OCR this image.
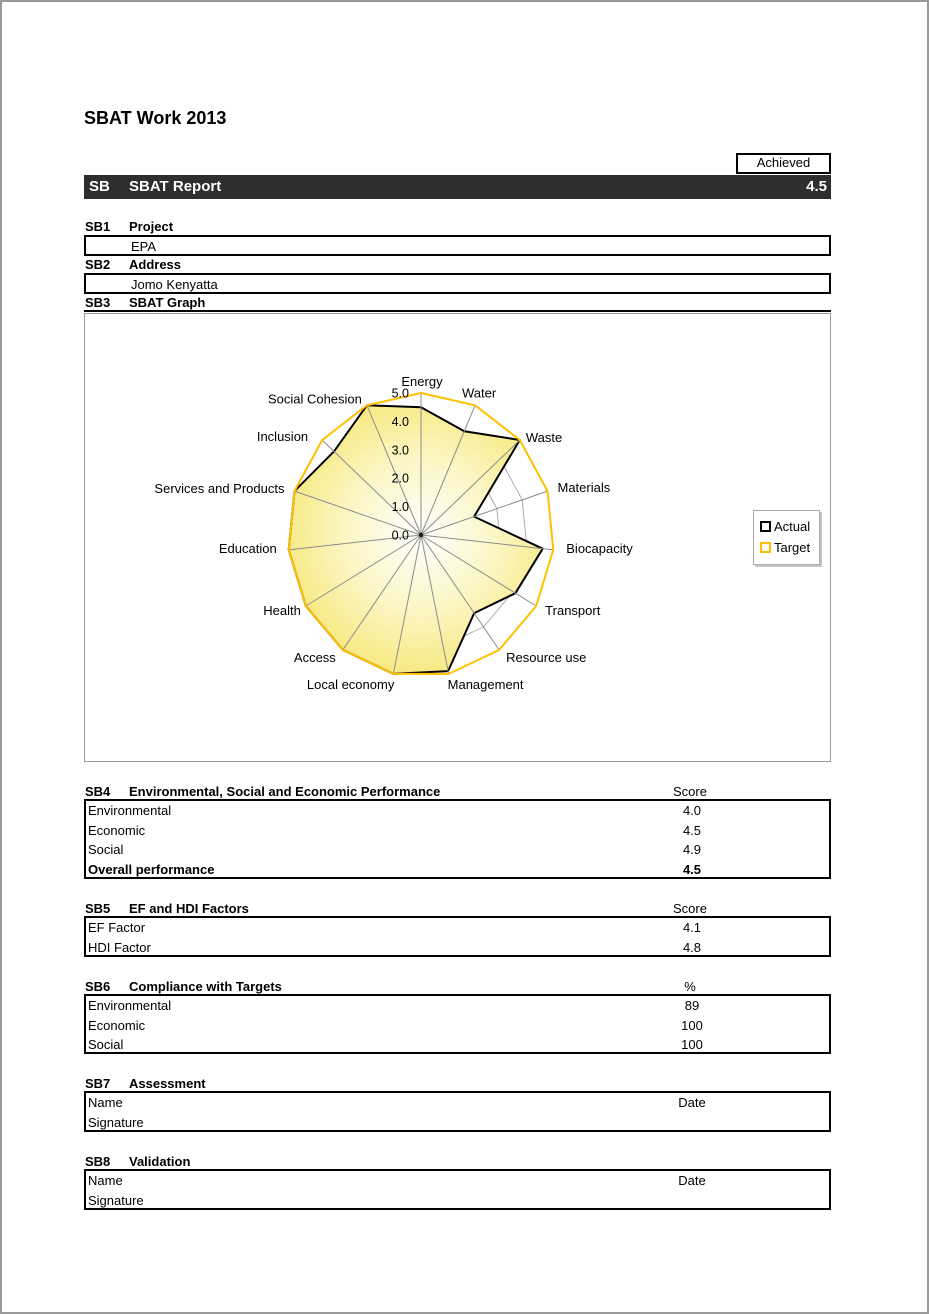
SBAT Work 2013
Achieved
SB SBAT Report	4.5
SB1 Project
EPA
SB2 Address
Jomo Kenyatta
SB3 SBAT Graph
0.0
1.0
2.0
3.0
4.0
5.0
Energy
Water
Waste
Materials
Biocapacity
Transport
Resource use
Management
Local economy
Access
Health
Education
Services and Products
Inclusion
Social Cohesion
Actual
Target
SB4 Environmental, Social and Economic Performance	Score
Environmental	4.0
Economic	4.5
Social	4.9
Overall performance	4.5
SB5 EF and HDI Factors	Score
EF Factor	4.1
HDI Factor	4.8
SB6 Compliance with Targets	%
Environmental	89
Economic	100
Social	100
SB7 Assessment
Name	Date
Signature
SB8 Validation
Name	Date
Signature
